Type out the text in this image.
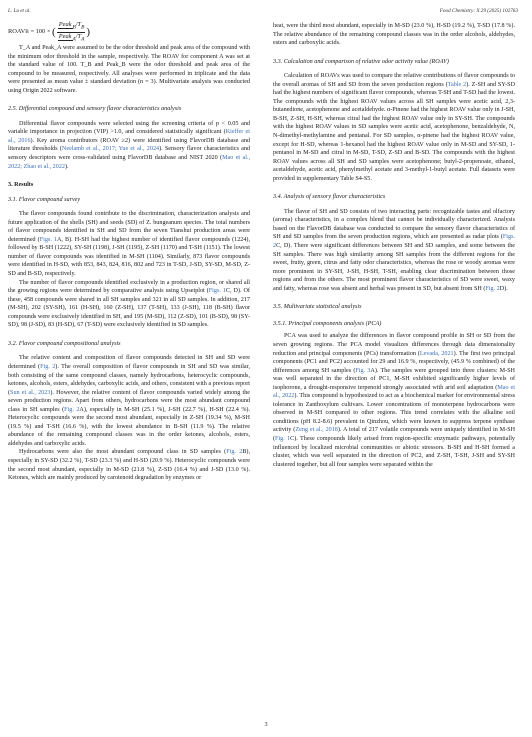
L. Lu et al.	Food Chemistry: X 29 (2025) 102763
ROAV B = 100 × ( $\frac{Peak_B/T_B}{Peak_A/T_A}$ )

T_A and Peak_A were assumed to be the odor threshold and peak area of the compound with the minimum odor threshold in the sample, respectively. The ROAV for component A was set at the standard value of 100. T_B and Peak_B were the odor threshold and peak area of the compound to be measured, respectively. All analyses were performed in triplicate and the data were presented as mean value ± standard deviation (n = 3). Multivariate analysis was conducted using Origin 2022 software.

2.5. Differential compound and sensory flavor characteristics analysis

Differential flavor compounds were selected using the screening criteria of p < 0.05 and variable importance in projection (VIP) >1.0, and considered statistically significant (Kieffer et al., 2016). Key aroma contributors (ROAV ≥2) were identified using FlavorDB database and literature thresholds (Neelamb et al., 2017; Yue et al., 2024). Sensory flavor characteristics and sensory descriptors were cross-validated using FlavorDB database and NIST 2020 (Mao et al., 2022; Zhao et al., 2022).

3. Results
3.1. Flavor compound survey

The flavor compounds found contribute to the discrimination, characterization analysis and future application of the shells (SH) and seeds (SD) of Z. bungeanum species. The total numbers of flavor compounds identified in SH and SD from the seven Tianshui production areas were determined (Figs. 1A, B). H-SH had the highest number of identified flavor compounds (1224), followed by B-SH (1222), SY-SH (1198), J-SH (1195), Z-SH (1170) and T-SH (1151). The lowest number of flavor compounds was identified in M-SH (1104). Similarly, 873 flavor compounds were identified in H-SD, with 853, 843, 824, 816, 802 and 723 in T-SD, J-SD, SY-SD, M-SD, Z-SD and B-SD, respectively.

The number of flavor compounds identified exclusively in a production region, or shared all the growing regions were determined by comparative analysis using Upsetplot (Figs. 1C, D). Of these, 458 compounds were shared in all SH samples and 321 in all SD samples. In addition, 217 (M-SH), 202 (SY-SH), 161 (H-SH), 160 (Z-SH), 137 (T-SH), 133 (J-SH), 118 (B-SH) flavor compounds were exclusively identified in SH, and 195 (M-SD), 112 (Z-SD), 101 (B-SD), 98 (SY-SD), 98 (J-SD), 83 (H-SD), 67 (T-SD) were exclusively identified in SD samples.

3.2. Flavor compound compositional analysis

The relative content and composition of flavor compounds detected in SH and SD were determined (Fig. 2). The overall composition of flavor compounds in SH and SD was similar, both consisting of the same compound classes, namely hydrocarbons, heterocyclic compounds, ketones, alcohols, esters, aldehydes, carboxylic acids, and others, consistent with a previous report (Sun et al., 2023). However, the relative content of flavor compounds varied widely among the seven production regions. Apart from others, hydrocarbons were the most abundant compound class in SH samples (Fig. 2A), especially in M-SH (25.1 %), J-SH (22.7 %), H-SH (22.4 %). Heterocyclic compounds were the second most abundant, especially in Z-SH (19.34 %), M-SH (19.5 %) and T-SH (16.6 %), with the lowest abundance in B-SH (11.9 %). The relative abundance of the remaining compound classes was in the order ketones, alcohols, esters, aldehydes and carboxylic acids.

Hydrocarbons were also the most abundant compound class in SD samples (Fig. 2B), especially in SY-SD (32.2 %), T-SD (23.3 %) and H-SD (20.9 %). Heterocyclic compounds were the second most abundant, especially in M-SD (21.8 %), Z-SD (16.4 %) and J-SD (13.0 %). Ketones, which are mainly produced by carotenoid degradation by enzymes or

heat, were the third most abundant, especially in M-SD (23.0 %), H-SD (19.2 %), T-SD (17.8 %). The relative abundance of the remaining compound classes was in the order alcohols, aldehydes, esters and carboxylic acids.

3.3. Calculation and comparison of relative odor activity value (ROAV)

Calculation of ROAVs was used to compare the relative contributions of flavor compounds to the overall aromas of SH and SD from the seven production regions (Table 2). Z-SH and SY-SD had the highest numbers of significant flavor compounds, whereas T-SH and T-SD had the lowest. The compounds with the highest ROAV values across all SH samples were acetic acid, 2,3-butanedione, acetophenone and acetaldehyde. α-Pinene had the highest ROAV value only in J-SH, B-SH, Z-SH, H-SH, whereas citral had the highest ROAV value only in SY-SH. The compounds with the highest ROAV values in SD samples were acetic acid, acetophenone, benzaldehyde, N, N-dimethyl-methylamine and pentanal. For SD samples, α-pinene had the highest ROAV value, except for H-SD, whereas 1-hexanol had the highest ROAV value only in M-SD and SY-SD, 1-pentanol in M-SD and citral in M-SD, T-SD, Z-SD and B-SD. The compounds with the highest ROAV values across all SH and SD samples were acetophenone; butyl-2-propenoate, ethanol, acetaldehyde, acetic acid, phenylmethyl acetate and 3-methyl-1-butyl acetate. Full datasets were provided in supplementary Table S4-S5.

3.4. Analysis of sensory flavor characteristics

The flavor of SH and SD consists of two interacting parts: recognizable tastes and olfactory (aroma) characteristics, in a complex blend that cannot be individually characterized. Analysis based on the FlavorDB database was conducted to compare the sensory flavor characteristics of SH and SD samples from the seven production regions, which are presented as radar plots (Figs. 2C, D). There were significant differences between SH and SD samples, and some between the SH samples. There was high similarity among SH samples from the different regions for the sweet, fruity, green, citrus and fatty odor characteristics, whereas the rose or woody aromas were more prominent in SY-SH, J-SH, H-SH, T-SH, enabling clear discrimination between those regions and from the others. The most prominent flavor characteristics of SD were sweet, waxy and fatty, whereas rose was absent and herbal was present in SD, but absent from SH (Fig. 2D).

3.5. Multivariate statistical analysis
3.5.1. Principal components analysis (PCA)

PCA was used to analyze the differences in flavor compound profile in SH or SD from the seven growing regions. The PCA model visualizes differences through data dimensionality reduction and principal components (PCs) transformation (Levada, 2021). The first two principal components (PC1 and PC2) accounted for 29 and 16.9 %, respectively, (45.9 % combined) of the differences among SH samples (Fig. 3A). The samples were grouped into three clusters: M-SH was well separated in the direction of PC1, M-SH exhibited significantly higher levels of isophorone, a drought-responsive terpenoid strongly associated with arid soil adaptation (Mao et al., 2022). This compound is hypothesized to act as a biochemical marker for environmental stress tolerance in Zanthoxylum cultivars. Lower concentrations of monoterpene hydrocarbons were observed in M-SH compared to other regions. This trend correlates with the alkaline soil conditions (pH 8.2-8.6) prevalent in Qinzhou, which were known to suppress terpene synthase activity (Zeng et al., 2018). A total of 217 volatile compounds were uniquely identified in M-SH (Fig. 1C). These compounds likely arised from region-specific enzymatic pathways, potentially influenced by localized microbial communities or abiotic stressors. B-SH and H-SH formed a cluster, which was well separated in the direction of PC2, and Z-SH, T-SH, J-SH and SY-SH clustered together, but all four samples were separated within the

3
